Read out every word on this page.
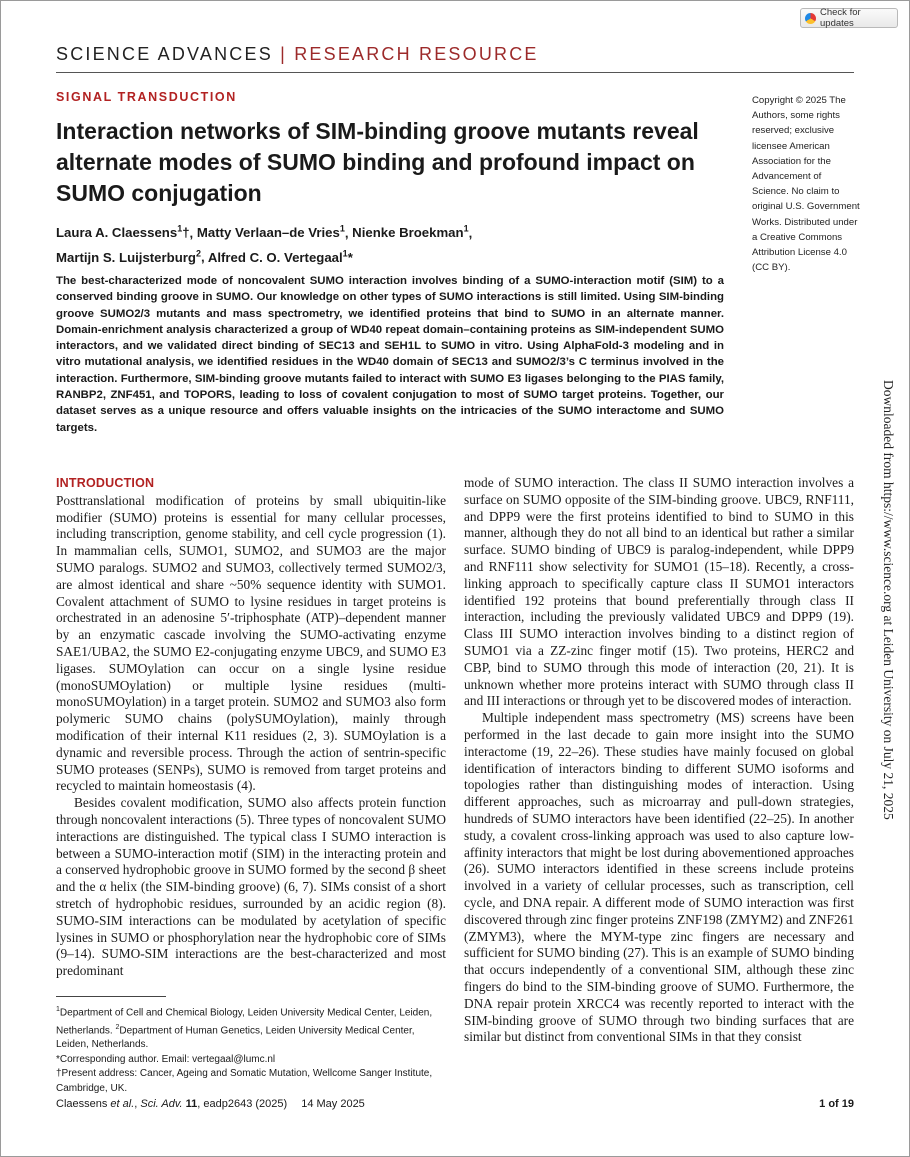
Check for updates
SCIENCE ADVANCES | RESEARCH RESOURCE
SIGNAL TRANSDUCTION
Interaction networks of SIM-binding groove mutants reveal alternate modes of SUMO binding and profound impact on SUMO conjugation
Laura A. Claessens$^1$†, Matty Verlaan–de Vries$^1$, Nienke Broekman$^1$,
Martijn S. Luijsterburg$^2$, Alfred C. O. Vertegaal$^1$*
Copyright © 2025 The Authors, some rights reserved; exclusive licensee American Association for the Advancement of Science. No claim to original U.S. Government Works. Distributed under a Creative Commons Attribution License 4.0 (CC BY).

The best-characterized mode of noncovalent SUMO interaction involves binding of a SUMO-interaction motif (SIM) to a conserved binding groove in SUMO. Our knowledge on other types of SUMO interactions is still limited. Using SIM-binding groove SUMO2/3 mutants and mass spectrometry, we identified proteins that bind to SUMO in an alternate manner. Domain-enrichment analysis characterized a group of WD40 repeat domain–containing proteins as SIM-independent SUMO interactors, and we validated direct binding of SEC13 and SEH1L to SUMO in vitro. Using AlphaFold-3 modeling and in vitro mutational analysis, we identified residues in the WD40 domain of SEC13 and SUMO2/3’s C terminus involved in the interaction. Furthermore, SIM-binding groove mutants failed to interact with SUMO E3 ligases belonging to the PIAS family, RANBP2, ZNF451, and TOPORS, leading to loss of covalent conjugation to most of SUMO target proteins. Together, our dataset serves as a unique resource and offers valuable insights on the intricacies of the SUMO interactome and SUMO targets.	Downloaded from https://www.science.org at Leiden University on July 21, 2025
INTRODUCTION

Posttranslational modification of proteins by small ubiquitin-like modifier (SUMO) proteins is essential for many cellular processes, including transcription, genome stability, and cell cycle progression (1). In mammalian cells, SUMO1, SUMO2, and SUMO3 are the major SUMO paralogs. SUMO2 and SUMO3, collectively termed SUMO2/3, are almost identical and share ~50% sequence identity with SUMO1. Covalent attachment of SUMO to lysine residues in target proteins is orchestrated in an adenosine 5′-triphosphate (ATP)–dependent manner by an enzymatic cascade involving the SUMO-activating enzyme SAE1/UBA2, the SUMO E2-conjugating enzyme UBC9, and SUMO E3 ligases. SUMOylation can occur on a single lysine residue (monoSUMOylation) or multiple lysine residues (multi-monoSUMOylation) in a target protein. SUMO2 and SUMO3 also form polymeric SUMO chains (polySUMOylation), mainly through modification of their internal K11 residues (2, 3). SUMOylation is a dynamic and reversible process. Through the action of sentrin-specific SUMO proteases (SENPs), SUMO is removed from target proteins and recycled to maintain homeostasis (4).

Besides covalent modification, SUMO also affects protein function through noncovalent interactions (5). Three types of noncovalent SUMO interactions are distinguished. The typical class I SUMO interaction is between a SUMO-interaction motif (SIM) in the interacting protein and a conserved hydrophobic groove in SUMO formed by the second β sheet and the α helix (the SIM-binding groove) (6, 7). SIMs consist of a short stretch of hydrophobic residues, surrounded by an acidic region (8). SUMO-SIM interactions can be modulated by acetylation of specific lysines in SUMO or phosphorylation near the hydrophobic core of SIMs (9–14). SUMO-SIM interactions are the best-characterized and most predominant

mode of SUMO interaction. The class II SUMO interaction involves a surface on SUMO opposite of the SIM-binding groove. UBC9, RNF111, and DPP9 were the first proteins identified to bind to SUMO in this manner, although they do not all bind to an identical but rather a similar surface. SUMO binding of UBC9 is paralog-independent, while DPP9 and RNF111 show selectivity for SUMO1 (15–18). Recently, a cross-linking approach to specifically capture class II SUMO1 interactors identified 192 proteins that bound preferentially through class II interaction, including the previously validated UBC9 and DPP9 (19). Class III SUMO interaction involves binding to a distinct region of SUMO1 via a ZZ-zinc finger motif (15). Two proteins, HERC2 and CBP, bind to SUMO through this mode of interaction (20, 21). It is unknown whether more proteins interact with SUMO through class II and III interactions or through yet to be discovered modes of interaction.

Multiple independent mass spectrometry (MS) screens have been performed in the last decade to gain more insight into the SUMO interactome (19, 22–26). These studies have mainly focused on global identification of interactors binding to different SUMO isoforms and topologies rather than distinguishing modes of interaction. Using different approaches, such as microarray and pull-down strategies, hundreds of SUMO interactors have been identified (22–25). In another study, a covalent cross-linking approach was used to also capture low-affinity interactors that might be lost during abovementioned approaches (26). SUMO interactors identified in these screens include proteins involved in a variety of cellular processes, such as transcription, cell cycle, and DNA repair. A different mode of SUMO interaction was first discovered through zinc finger proteins ZNF198 (ZMYM2) and ZNF261 (ZMYM3), where the MYM-type zinc fingers are necessary and sufficient for SUMO binding (27). This is an example of SUMO binding that occurs independently of a conventional SIM, although these zinc fingers do bind to the SIM-binding groove of SUMO. Furthermore, the DNA repair protein XRCC4 was recently reported to interact with the SIM-binding groove of SUMO through two binding surfaces that are similar but distinct from conventional SIMs in that they consist

$^1$Department of Cell and Chemical Biology, Leiden University Medical Center, Leiden, Netherlands. $^2$Department of Human Genetics, Leiden University Medical Center, Leiden, Netherlands.

*Corresponding author. Email: vertegaal@lumc.nl

†Present address: Cancer, Ageing and Somatic Mutation, Wellcome Sanger Institute, Cambridge, UK.

Claessens et al., Sci. Adv. 11, eadp2643 (2025) 14 May 2025	1 of 19
